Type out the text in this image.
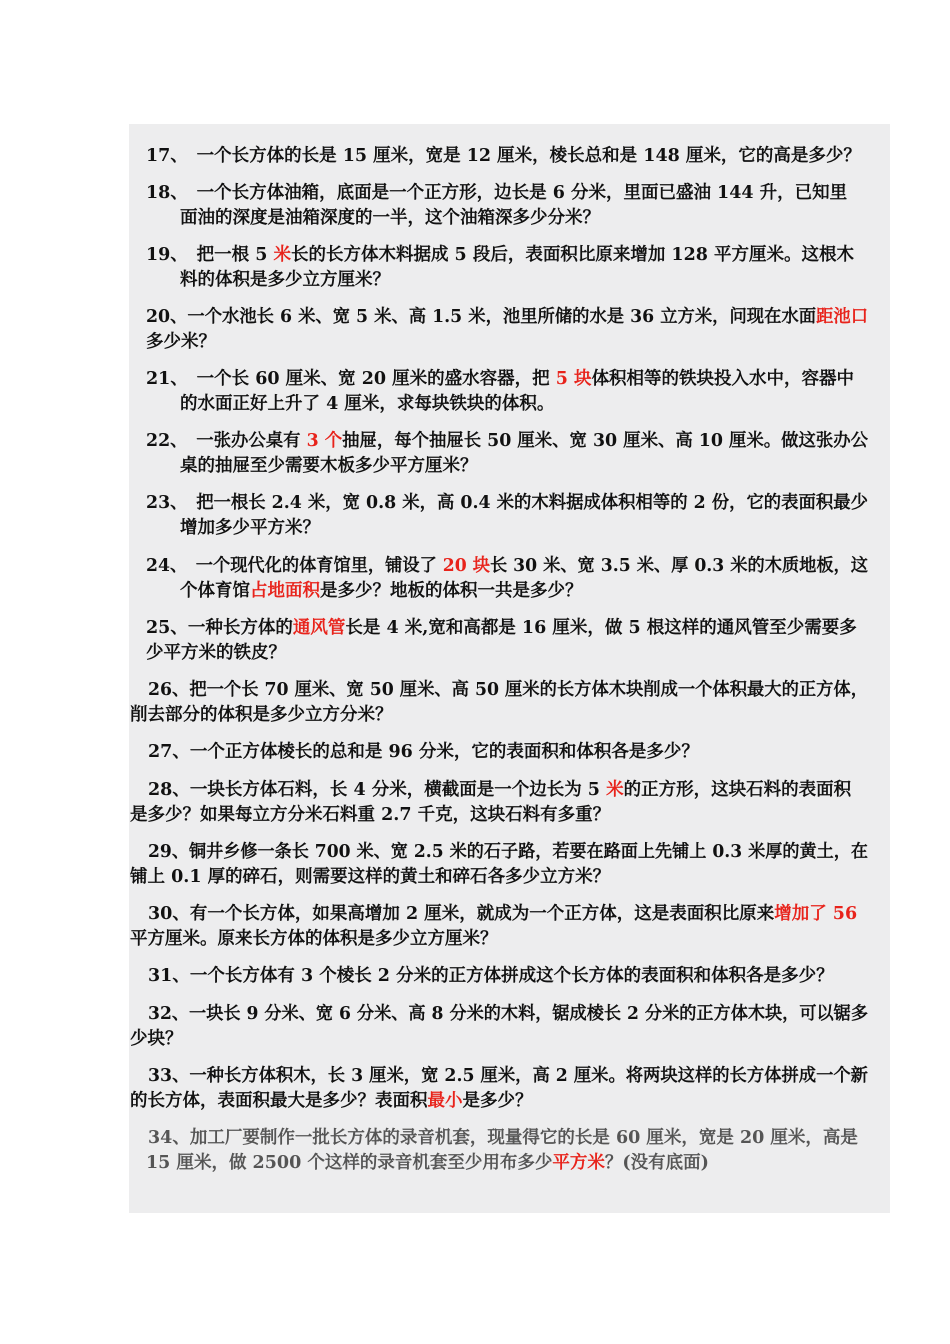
17、　一个长方体的长是 15 厘米，宽是 12 厘米，棱长总和是 148 厘米，它的高是多少？
18、　一个长方体油箱，底面是一个正方形，边长是 6 分米，里面已盛油 144 升，已知里
面油的深度是油箱深度的一半，这个油箱深多少分米？
19、　把一根 5 米长的长方体木料据成 5 段后，表面积比原来增加 128 平方厘米。这根木
料的体积是多少立方厘米？
20、一个水池长 6 米、宽 5 米、高 1.5 米，池里所储的水是 36 立方米，问现在水面距池口
多少米？
21、　一个长 60 厘米、宽 20 厘米的盛水容器，把 5 块体积相等的铁块投入水中，容器中
的水面正好上升了 4 厘米，求每块铁块的体积。
22、　一张办公桌有 3 个抽屉，每个抽屉长 50 厘米、宽 30 厘米、高 10 厘米。做这张办公
桌的抽屉至少需要木板多少平方厘米？
23、　把一根长 2.4 米，宽 0.8 米，高 0.4 米的木料据成体积相等的 2 份，它的表面积最少
增加多少平方米？
24、　一个现代化的体育馆里，铺设了 20 块长 30 米、宽 3.5 米、厚 0.3 米的木质地板，这
个体育馆占地面积是多少？地板的体积一共是多少？
25、一种长方体的通风管长是 4 米,宽和高都是 16 厘米，做 5 根这样的通风管至少需要多
少平方米的铁皮？
26、把一个长 70 厘米、宽 50 厘米、高 50 厘米的长方体木块削成一个体积最大的正方体，
削去部分的体积是多少立方分米？
27、一个正方体棱长的总和是 96 分米，它的表面积和体积各是多少？
28、一块长方体石料，长 4 分米，横截面是一个边长为 5 米的正方形，这块石料的表面积
是多少？如果每立方分米石料重 2.7 千克，这块石料有多重？
29、铜井乡修一条长 700 米、宽 2.5 米的石子路，若要在路面上先铺上 0.3 米厚的黄土，在
铺上 0.1 厚的碎石，则需要这样的黄土和碎石各多少立方米？
30、有一个长方体，如果高增加 2 厘米，就成为一个正方体，这是表面积比原来增加了 56
平方厘米。原来长方体的体积是多少立方厘米？
31、一个长方体有 3 个棱长 2 分米的正方体拼成这个长方体的表面积和体积各是多少？
32、一块长 9 分米、宽 6 分米、高 8 分米的木料，锯成棱长 2 分米的正方体木块，可以锯多
少块？
33、一种长方体积木，长 3 厘米，宽 2.5 厘米，高 2 厘米。将两块这样的长方体拼成一个新
的长方体，表面积最大是多少？表面积最小是多少？
34、加工厂要制作一批长方体的录音机套，现量得它的长是 60 厘米，宽是 20 厘米，高是
15 厘米，做 2500 个这样的录音机套至少用布多少平方米？(没有底面)
